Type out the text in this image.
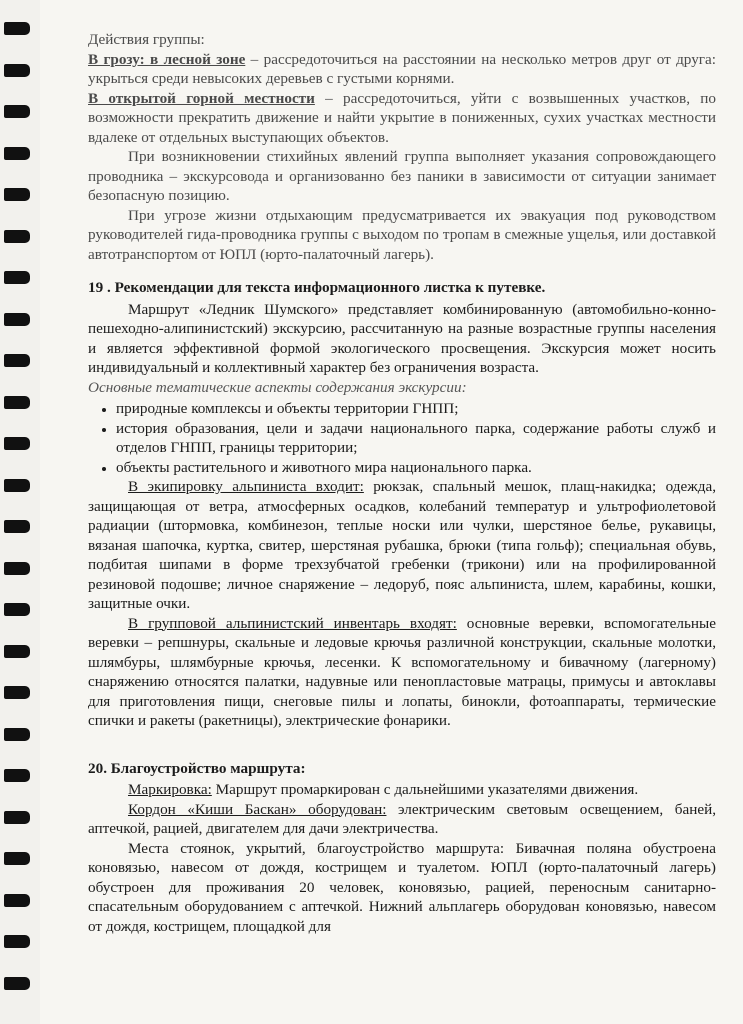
Действия группы:

В грозу: в лесной зоне – рассредоточиться на расстоянии на несколько метров друг от друга: укрыться среди невысоких деревьев с густыми корнями.

В открытой горной местности – рассредоточиться, уйти с возвышенных участков, по возможности прекратить движение и найти укрытие в пониженных, сухих участках местности вдалеке от отдельных выступающих объектов.

При возникновении стихийных явлений группа выполняет указания сопровождающего проводника – экскурсовода и организованно без паники в зависимости от ситуации занимает безопасную позицию.

При угрозе жизни отдыхающим предусматривается их эвакуация под руководством руководителей гида-проводника группы с выходом по тропам в смежные ущелья, или доставкой автотранспортом от ЮПЛ (юрто-палаточный лагерь).

19 . Рекомендации для текста информационного листка к путевке.

Маршрут «Ледник Шумского» представляет комбинированную (автомобильно-конно-пешеходно-алипинистский) экскурсию, рассчитанную на разные возрастные группы населения и является эффективной формой экологического просвещения. Экскурсия может носить индивидуальный и коллективный характер без ограничения возраста.

Основные тематические аспекты содержания экскурсии:

• природные комплексы и объекты территории ГНПП;
• история образования, цели и задачи национального парка, содержание работы служб и отделов ГНПП, границы территории;
• объекты растительного и животного мира национального парка.

В экипировку альпиниста входит: рюкзак, спальный мешок, плащ-накидка; одежда, защищающая от ветра, атмосферных осадков, колебаний температур и ультрофиолетовой радиации (штормовка, комбинезон, теплые носки или чулки, шерстяное белье, рукавицы, вязаная шапочка, куртка, свитер, шерстяная рубашка, брюки (типа гольф); специальная обувь, подбитая шипами в форме трехзубчатой гребенки (трикони) или на профилированной резиновой подошве; личное снаряжение – ледоруб, пояс альпиниста, шлем, карабины, кошки, защитные очки.

В групповой альпинистский инвентарь входят: основные веревки, вспомогательные веревки – репшнуры, скальные и ледовые крючья различной конструкции, скальные молотки, шлямбуры, шлямбурные крючья, лесенки. К вспомогательному и бивачному (лагерному) снаряжению относятся палатки, надувные или пенопластовые матрацы, примусы и автоклавы для приготовления пищи, снеговые пилы и лопаты, бинокли, фотоаппараты, термические спички и ракеты (ракетницы), электрические фонарики.

20. Благоустройство маршрута:

Маркировка: Маршрут промаркирован с дальнейшими указателями движения.

Кордон «Киши Баскан» оборудован: электрическим световым освещением, баней, аптечкой, рацией, двигателем для дачи электричества.

Места стоянок, укрытий, благоустройство маршрута: Бивачная поляна обустроена коновязью, навесом от дождя, кострищем и туалетом. ЮПЛ (юрто-палаточный лагерь) обустроен для проживания 20 человек, коновязью, рацией, переносным санитарно-спасательным оборудованием с аптечкой. Нижний альплагерь оборудован коновязью, навесом от дождя, кострищем, площадкой для
